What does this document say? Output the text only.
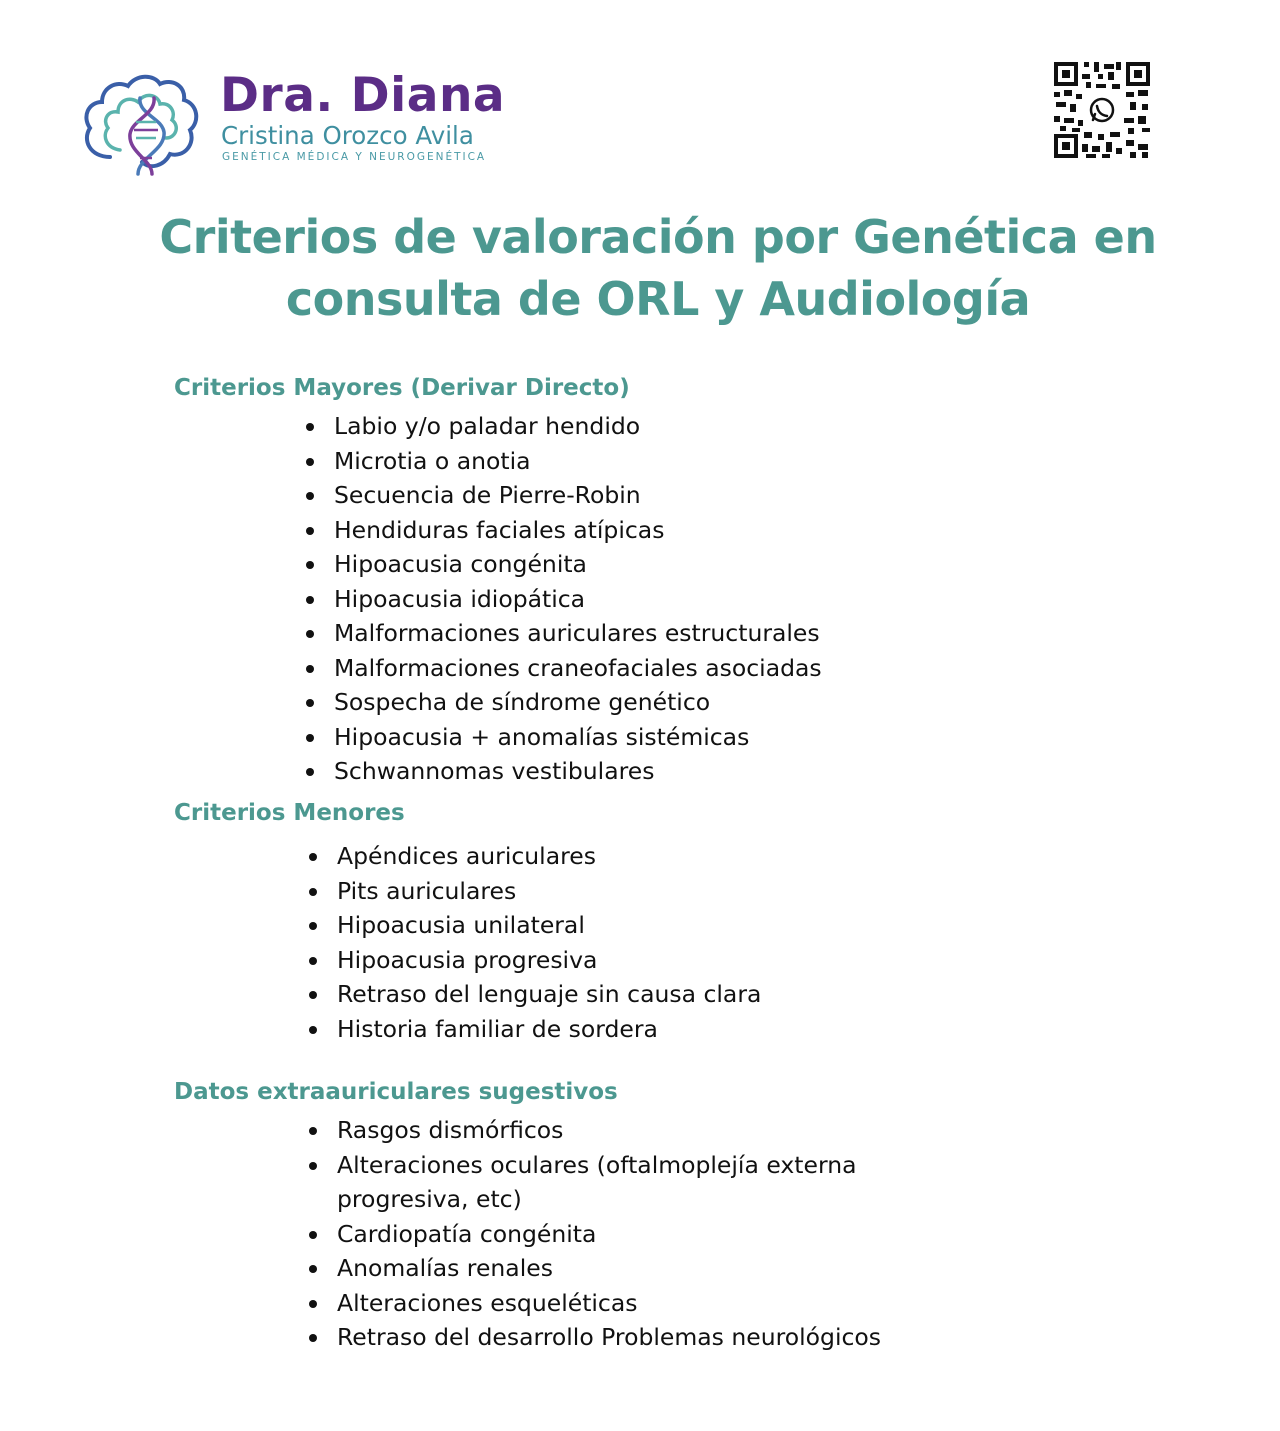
Dra. Diana
Cristina Orozco Avila
GENÉTICA MÉDICA Y NEUROGENÉTICA
Criterios de valoración por Genética en consulta de ORL y Audiología
Criterios Mayores (Derivar Directo)
Labio y/o paladar hendido
Microtia o anotia
Secuencia de Pierre-Robin
Hendiduras faciales atípicas
Hipoacusia congénita
Hipoacusia idiopática
Malformaciones auriculares estructurales
Malformaciones craneofaciales asociadas
Sospecha de síndrome genético
Hipoacusia + anomalías sistémicas
Schwannomas vestibulares
Criterios Menores
Apéndices auriculares
Pits auriculares
Hipoacusia unilateral
Hipoacusia progresiva
Retraso del lenguaje sin causa clara
Historia familiar de sordera
Datos extraauriculares sugestivos
Rasgos dismórficos
Alteraciones oculares (oftalmoplejía externa progresiva, etc)
Cardiopatía congénita
Anomalías renales
Alteraciones esqueléticas
Retraso del desarrollo Problemas neurológicos
